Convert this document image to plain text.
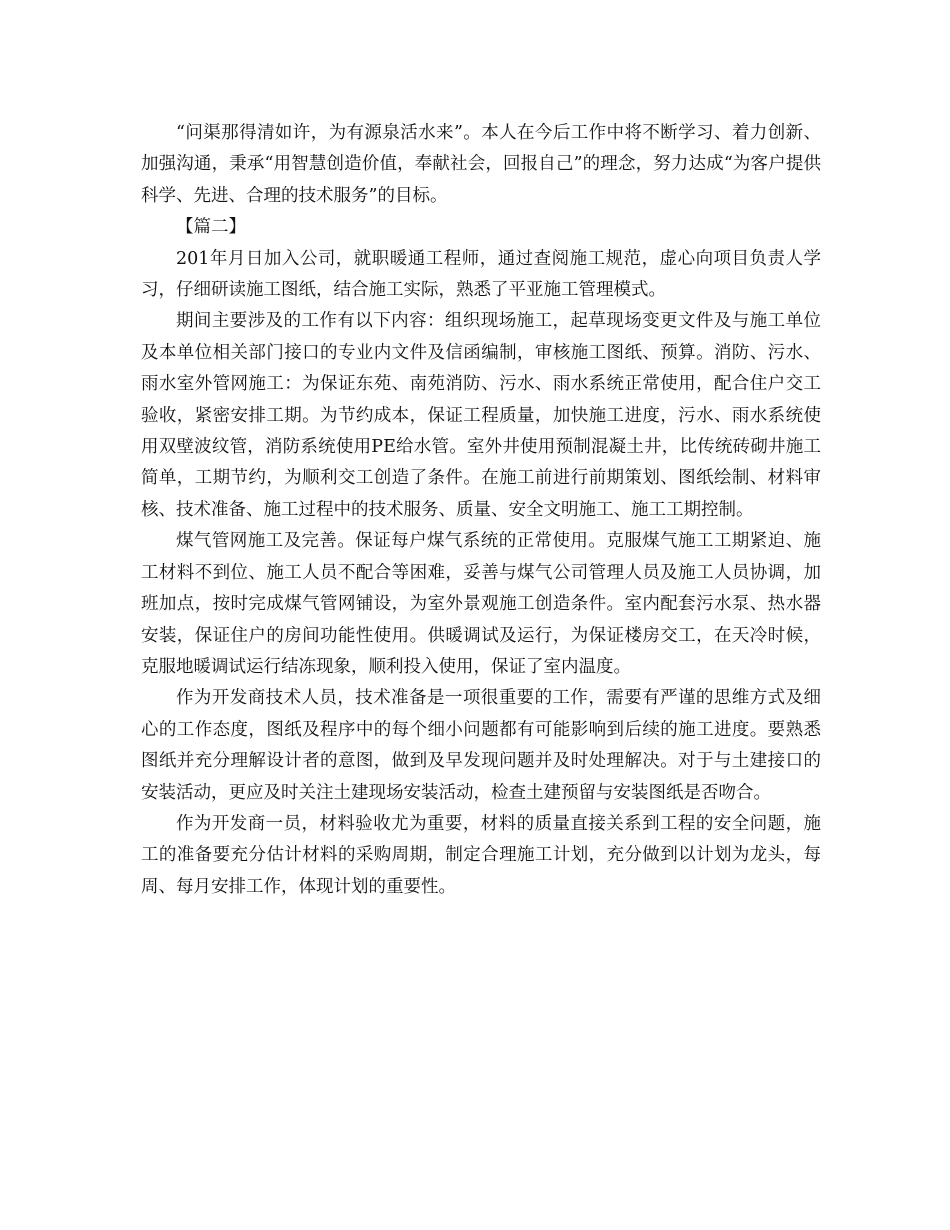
“问渠那得清如许，为有源泉活水来”。本人在今后工作中将不断学习、着力创新、加强沟通，秉承“用智慧创造价值，奉献社会，回报自己”的理念，努力达成“为客户提供科学、先进、合理的技术服务”的目标。

【篇二】

201年月日加入公司，就职暖通工程师，通过查阅施工规范，虚心向项目负责人学习，仔细研读施工图纸，结合施工实际，熟悉了平亚施工管理模式。

期间主要涉及的工作有以下内容：组织现场施工，起草现场变更文件及与施工单位及本单位相关部门接口的专业内文件及信函编制，审核施工图纸、预算。消防、污水、雨水室外管网施工：为保证东苑、南苑消防、污水、雨水系统正常使用，配合住户交工验收，紧密安排工期。为节约成本，保证工程质量，加快施工进度，污水、雨水系统使用双壁波纹管，消防系统使用PE给水管。室外井使用预制混凝土井，比传统砖砌井施工简单，工期节约，为顺利交工创造了条件。在施工前进行前期策划、图纸绘制、材料审核、技术准备、施工过程中的技术服务、质量、安全文明施工、施工工期控制。

煤气管网施工及完善。保证每户煤气系统的正常使用。克服煤气施工工期紧迫、施工材料不到位、施工人员不配合等困难，妥善与煤气公司管理人员及施工人员协调，加班加点，按时完成煤气管网铺设，为室外景观施工创造条件。室内配套污水泵、热水器安装，保证住户的房间功能性使用。供暖调试及运行，为保证楼房交工，在天冷时候，克服地暖调试运行结冻现象，顺利投入使用，保证了室内温度。

作为开发商技术人员，技术准备是一项很重要的工作，需要有严谨的思维方式及细心的工作态度，图纸及程序中的每个细小问题都有可能影响到后续的施工进度。要熟悉图纸并充分理解设计者的意图，做到及早发现问题并及时处理解决。对于与土建接口的安装活动，更应及时关注土建现场安装活动，检查土建预留与安装图纸是否吻合。

作为开发商一员，材料验收尤为重要，材料的质量直接关系到工程的安全问题，施工的准备要充分估计材料的采购周期，制定合理施工计划，充分做到以计划为龙头，每周、每月安排工作，体现计划的重要性。
